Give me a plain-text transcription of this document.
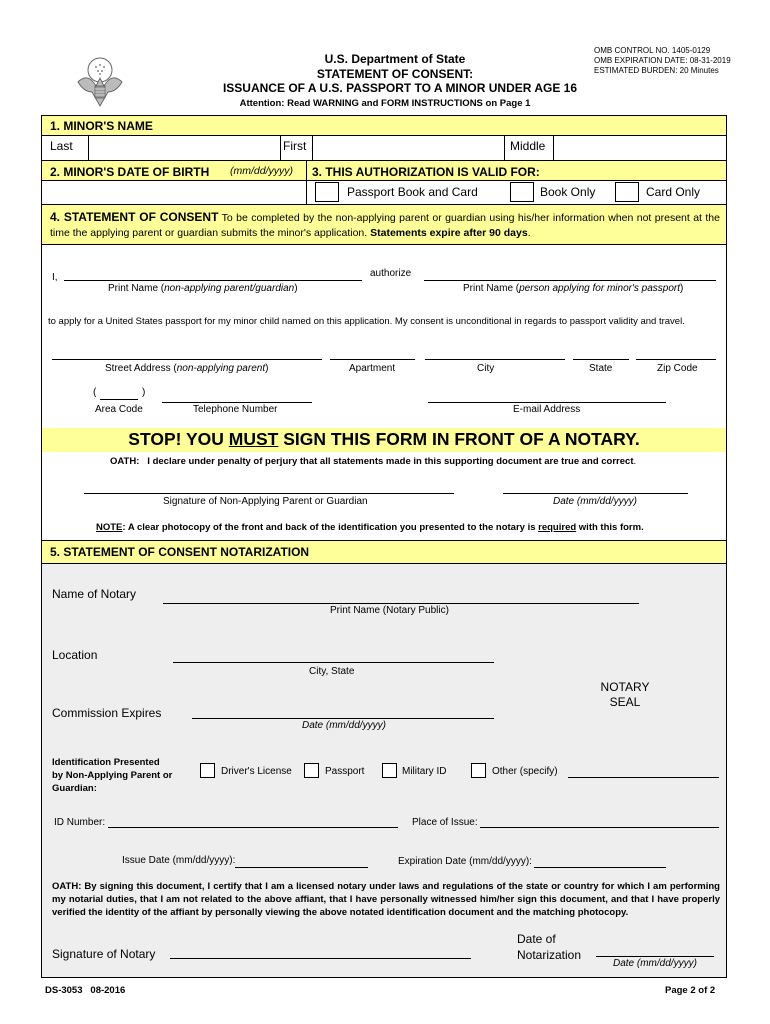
U.S. Department of State
STATEMENT OF CONSENT:
ISSUANCE OF A U.S. PASSPORT TO A MINOR UNDER AGE 16
Attention: Read WARNING and FORM INSTRUCTIONS on Page 1
OMB CONTROL NO. 1405-0129
OMB EXPIRATION DATE: 08-31-2019
ESTIMATED BURDEN: 20 Minutes
1. MINOR'S NAME
Last	First	Middle
2. MINOR'S DATE OF BIRTH (mm/dd/yyyy) 3. THIS AUTHORIZATION IS VALID FOR:
Passport Book and Card	Book Only	Card Only
4. STATEMENT OF CONSENT To be completed by the non-applying parent or guardian using his/her information when not present at the time the applying parent or guardian submits the minor's application. Statements expire after 90 days.
I,	authorize
Print Name (non-applying parent/guardian)	Print Name (person applying for minor's passport)
to apply for a United States passport for my minor child named on this application. My consent is unconditional in regards to passport validity and travel.
Street Address (non-applying parent)	Apartment	City	State	Zip Code
(	)
Area Code	Telephone Number	E-mail Address
STOP! YOU MUST SIGN THIS FORM IN FRONT OF A NOTARY.
OATH: I declare under penalty of perjury that all statements made in this supporting document are true and correct.
Signature of Non-Applying Parent or Guardian	Date (mm/dd/yyyy)
NOTE: A clear photocopy of the front and back of the identification you presented to the notary is required with this form.
5. STATEMENT OF CONSENT NOTARIZATION
Name of Notary
Print Name (Notary Public)
Location
City, State
NOTARY
SEAL
Commission Expires
Date (mm/dd/yyyy)
Identification Presented
by Non-Applying Parent or
Guardian:
Driver's License	Passport	Military ID	Other (specify)
ID Number:	Place of Issue:
Issue Date (mm/dd/yyyy):	Expiration Date (mm/dd/yyyy):
OATH: By signing this document, I certify that I am a licensed notary under laws and regulations of the state or country for which I am performing my notarial duties, that I am not related to the above affiant, that I have personally witnessed him/her sign this document, and that I have properly verified the identity of the affiant by personally viewing the above notated identification document and the matching photocopy.
Signature of Notary
Date of
Notarization
Date (mm/dd/yyyy)
DS-3053   08-2016	Page 2 of 2
